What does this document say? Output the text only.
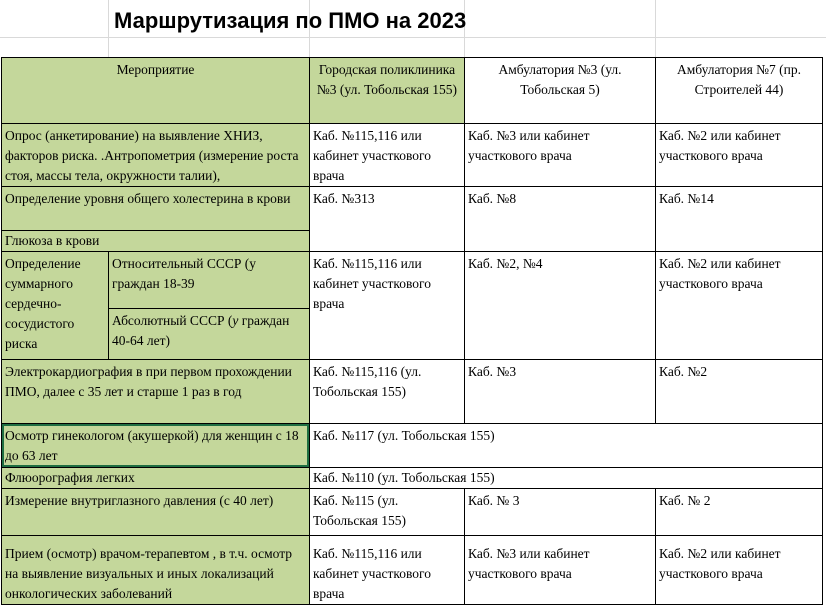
Маршрутизация по ПМО на 2023
Мероприятие		Городская поликлиника №3 (ул. Тобольская 155)	Амбулатория №3 (ул. Тобольская 5)	Амбулатория №7 (пр. Строителей 44)
Опрос (анкетирование) на выявление ХНИЗ, факторов риска. .Антропометрия (измерение роста стоя, массы тела, окружности талии),		Каб. №115,116 или кабинет участкового врача	Каб. №3 или кабинет участкового врача	Каб. №2 или кабинет участкового врача
Определение уровня общего холестерина в крови		Каб. №313	Каб. №8	Каб. №14
Глюкоза в крови				
Определение суммарного сердечно-сосудистого риска	Относительный СССР (у граждан 18-39	Каб. №115,116 или кабинет участкового врача	Каб. №2, №4	Каб. №2 или кабинет участкового врача
	Абсолютный СССР (у граждан 40-64 лет)			
Электрокардиография в при первом прохождении ПМО, далее с 35 лет и старше 1 раз в год		Каб. №115,116 (ул. Тобольская 155)	Каб. №3	Каб. №2
Осмотр гинекологом (акушеркой) для женщин с 18 до 63 лет		Каб. №117 (ул. Тобольская 155)		
Флюорография легких		Каб. №110 (ул. Тобольская 155)		
Измерение внутриглазного давления (с 40 лет)		Каб. №115 (ул. Тобольская 155)	Каб. № 3	Каб. № 2
Прием (осмотр) врачом-терапевтом , в т.ч. осмотр на выявление визуальных и иных локализаций онкологических заболеваний		Каб. №115,116 или кабинет участкового врача	Каб. №3 или кабинет участкового врача	Каб. №2 или кабинет участкового врача
